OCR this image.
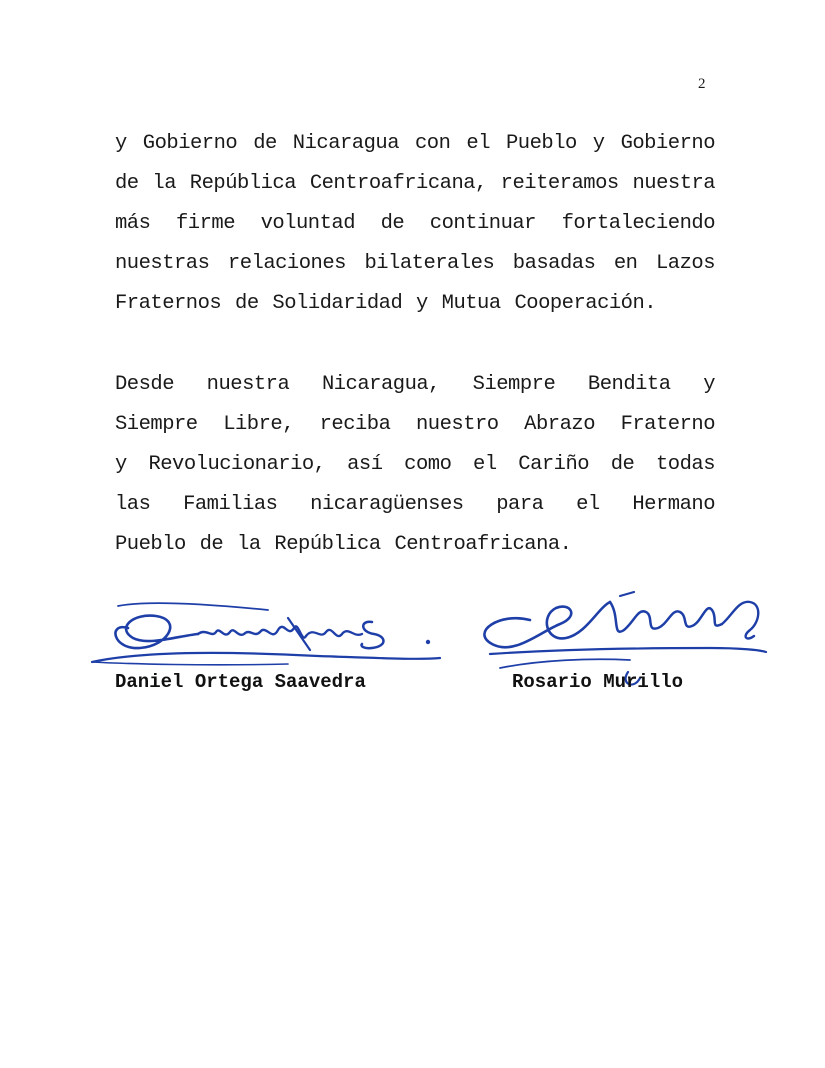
2
y Gobierno de Nicaragua con el Pueblo y Gobierno
de la República Centroafricana, reiteramos nuestra
más firme voluntad de continuar fortaleciendo
nuestras relaciones bilaterales basadas en Lazos
Fraternos de Solidaridad y Mutua Cooperación.
Desde nuestra Nicaragua, Siempre Bendita y
Siempre Libre, reciba nuestro Abrazo Fraterno
y Revolucionario, así como el Cariño de todas
las Familias nicaragüenses para el Hermano
Pueblo de la República Centroafricana.
Daniel Ortega Saavedra	Rosario Murillo
